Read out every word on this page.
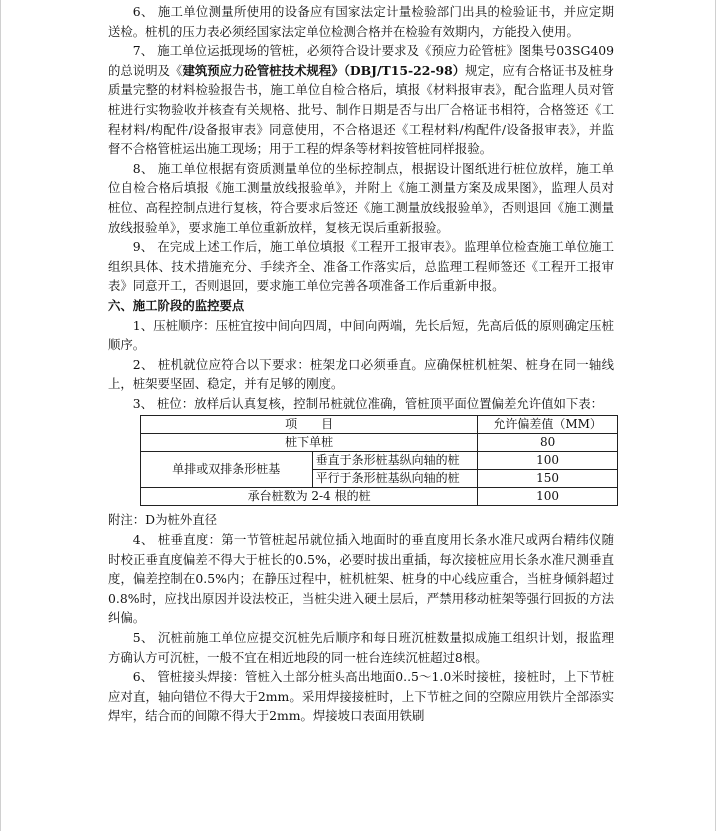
6、 施工单位测量所使用的设备应有国家法定计量检验部门出具的检验证书，并应定期送检。桩机的压力表必须经国家法定单位检测合格并在检验有效期内，方能投入使用。

7、 施工单位运抵现场的管桩，必须符合设计要求及《预应力砼管桩》图集号03SG409的总说明及《建筑预应力砼管桩技术规程》（DBJ/T15-22-98）规定，应有合格证书及桩身质量完整的材料检验报告书，施工单位自检合格后，填报《材料报审表》，配合监理人员对管桩进行实物验收并核查有关规格、批号、制作日期是否与出厂合格证书相符，合格签还《工程材料/构配件/设备报审表》同意使用，不合格退还《工程材料/构配件/设备报审表》，并监督不合格管桩运出施工现场；用于工程的焊条等材料按管桩同样报验。

8、 施工单位根据有资质测量单位的坐标控制点，根据设计图纸进行桩位放样，施工单位自检合格后填报《施工测量放线报验单》，并附上《施工测量方案及成果图》，监理人员对桩位、高程控制点进行复核，符合要求后签还《施工测量放线报验单》，否则退回《施工测量放线报验单》，要求施工单位重新放样，复核无误后重新报验。

9、 在完成上述工作后，施工单位填报《工程开工报审表》。监理单位检查施工单位施工组织具体、技术措施充分、手续齐全、准备工作落实后，总监理工程师签还《工程开工报审表》同意开工，否则退回，要求施工单位完善各项准备工作后重新申报。

六、施工阶段的监控要点

1、压桩顺序：压桩宜按中间向四周，中间向两端，先长后短，先高后低的原则确定压桩顺序。

2、 桩机就位应符合以下要求：桩架龙口必须垂直。应确保桩机桩架、桩身在同一轴线上，桩架要坚固、稳定，并有足够的刚度。

3、 桩位：放样后认真复核，控制吊桩就位准确，管桩顶平面位置偏差允许值如下表：

项　　目		允许偏差值（MM）
桩下单桩		80
单排或双排条形桩基	垂直于条形桩基纵向轴的桩	100
	平行于条形桩基纵向轴的桩	150
承台桩数为 2-4 根的桩		100

附注：D为桩外直径

4、 桩垂直度：第一节管桩起吊就位插入地面时的垂直度用长条水准尺或两台精纬仪随时校正垂直度偏差不得大于桩长的0.5%，必要时拔出重插，每次接桩应用长条水准尺测垂直度，偏差控制在0.5%内；在静压过程中，桩机桩架、桩身的中心线应重合，当桩身倾斜超过0.8%时，应找出原因并设法校正，当桩尖进入硬土层后，严禁用移动桩架等强行回扳的方法纠偏。

5、 沉桩前施工单位应提交沉桩先后顺序和每日班沉桩数量拟成施工组织计划，报监理方确认方可沉桩，一般不宜在相近地段的同一桩台连续沉桩超过8根。

6、 管桩接头焊接：管桩入土部分桩头高出地面0..5～1.0米时接桩，接桩时，上下节桩应对直，轴向错位不得大于2mm。采用焊接接桩时，上下节桩之间的空隙应用铁片全部添实焊牢，结合而的间隙不得大于2mm。焊接坡口表面用铁刷
